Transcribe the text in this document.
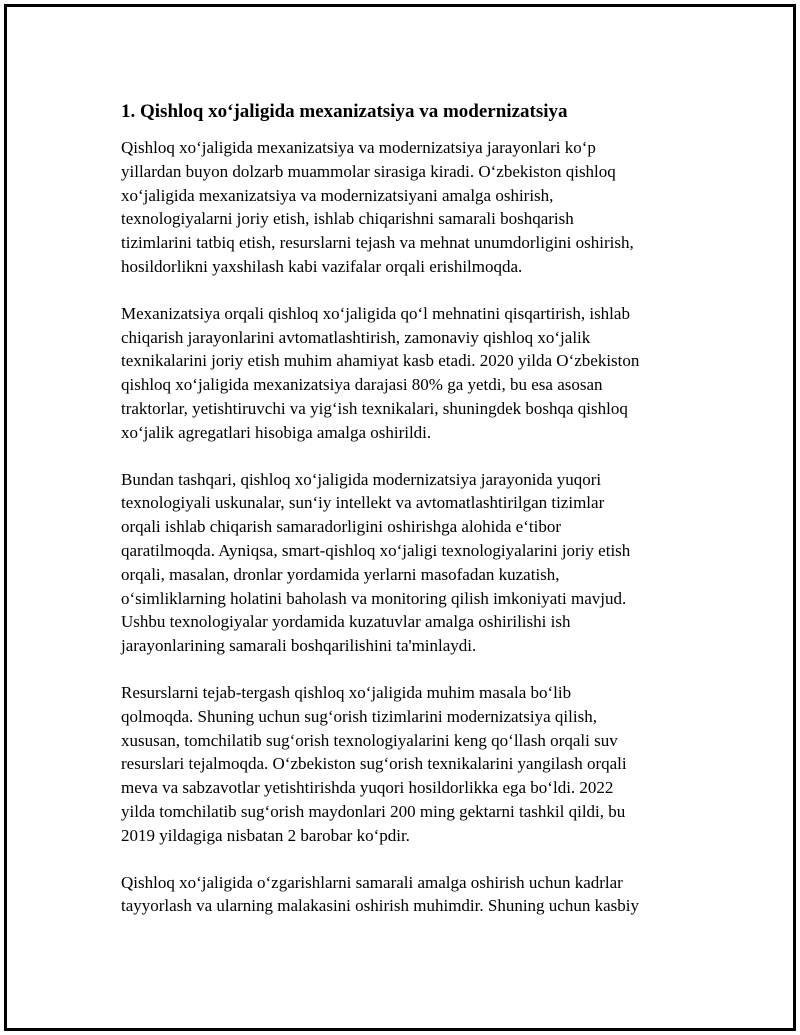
1. Qishloq xo‘jaligida mexanizatsiya va modernizatsiya

Qishloq xo‘jaligida mexanizatsiya va modernizatsiya jarayonlari ko‘p
yillardan buyon dolzarb muammolar sirasiga kiradi. O‘zbekiston qishloq
xo‘jaligida mexanizatsiya va modernizatsiyani amalga oshirish,
texnologiyalarni joriy etish, ishlab chiqarishni samarali boshqarish
tizimlarini tatbiq etish, resurslarni tejash va mehnat unumdorligini oshirish,
hosildorlikni yaxshilash kabi vazifalar orqali erishilmoqda.

Mexanizatsiya orqali qishloq xo‘jaligida qo‘l mehnatini qisqartirish, ishlab
chiqarish jarayonlarini avtomatlashtirish, zamonaviy qishloq xo‘jalik
texnikalarini joriy etish muhim ahamiyat kasb etadi. 2020 yilda O‘zbekiston
qishloq xo‘jaligida mexanizatsiya darajasi 80% ga yetdi, bu esa asosan
traktorlar, yetishtiruvchi va yig‘ish texnikalari, shuningdek boshqa qishloq
xo‘jalik agregatlari hisobiga amalga oshirildi.

Bundan tashqari, qishloq xo‘jaligida modernizatsiya jarayonida yuqori
texnologiyali uskunalar, sun‘iy intellekt va avtomatlashtirilgan tizimlar
orqali ishlab chiqarish samaradorligini oshirishga alohida e‘tibor
qaratilmoqda. Ayniqsa, smart-qishloq xo‘jaligi texnologiyalarini joriy etish
orqali, masalan, dronlar yordamida yerlarni masofadan kuzatish,
o‘simliklarning holatini baholash va monitoring qilish imkoniyati mavjud.
Ushbu texnologiyalar yordamida kuzatuvlar amalga oshirilishi ish
jarayonlarining samarali boshqarilishini ta'minlaydi.

Resurslarni tejab-tergash qishloq xo‘jaligida muhim masala bo‘lib
qolmoqda. Shuning uchun sug‘orish tizimlarini modernizatsiya qilish,
xususan, tomchilatib sug‘orish texnologiyalarini keng qo‘llash orqali suv
resurslari tejalmoqda. O‘zbekiston sug‘orish texnikalarini yangilash orqali
meva va sabzavotlar yetishtirishda yuqori hosildorlikka ega bo‘ldi. 2022
yilda tomchilatib sug‘orish maydonlari 200 ming gektarni tashkil qildi, bu
2019 yildagiga nisbatan 2 barobar ko‘pdir.

Qishloq xo‘jaligida o‘zgarishlarni samarali amalga oshirish uchun kadrlar
tayyorlash va ularning malakasini oshirish muhimdir. Shuning uchun kasbiy
